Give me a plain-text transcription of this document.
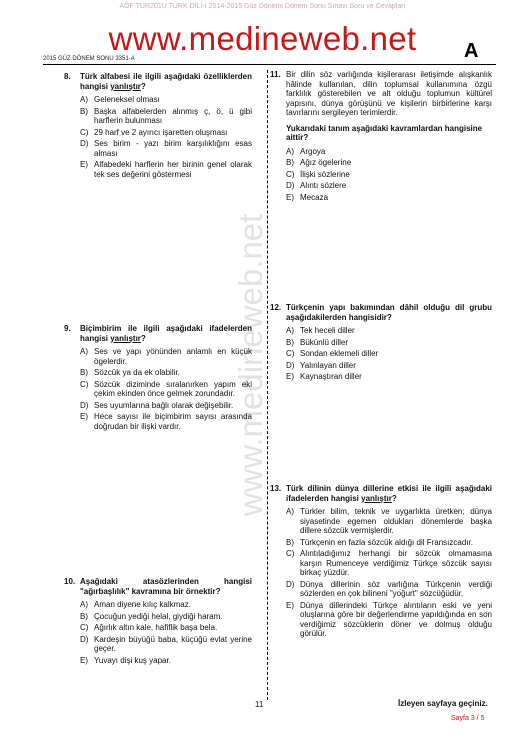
AÖF TUR201U TÜRK DİLİ-I 2014-2015 Güz Dönemi Dönem Sonu Sınavı Soru ve Cevapları
www.medineweb.net	A
2015 GÜZ DÖNEM SONU 3351-A
www.medineweb.net
8. Türk alfabesi ile ilgili aşağıdaki özelliklerden hangisi yanlıştır?
A) Geleneksel olması
B) Başka alfabelerden alınmış ç, ö, ü gibi harflerin bulunması
C) 29 harf ve 2 ayırıcı işaretten oluşması
D) Ses birim - yazı birim karşılıklığını esas alması
E) Alfabedeki harflerin her birinin genel olarak tek ses değerini göstermesi
9. Biçimbirim ile ilgili aşağıdaki ifadelerden hangisi yanlıştır?
A) Ses ve yapı yönünden anlamlı en küçük ögelerdir.
B) Sözcük ya da ek olabilir.
C) Sözcük diziminde sıralanırken yapım eki çekim ekinden önce gelmek zorundadır.
D) Ses uyumlarına bağlı olarak değişebilir.
E) Hece sayısı ile biçimbirim sayısı arasında doğrudan bir ilişki vardır.
10. Aşağıdaki atasözlerinden hangisi "ağırbaşlılık" kavramına bir örnektir?
A) Aman diyene kılıç kalkmaz.
B) Çocuğun yediği helal, giydiği haram.
C) Ağırlık altın kale, hafiflik başa bela.
D) Kardeşin büyüğü baba, küçüğü evlat yerine geçer.
E) Yuvayı dişi kuş yapar.
11. Bir dilin söz varlığında kişilerarası iletişimde alışkanlık hâlinde kullanılan, dilin toplumsal kullanımına özgü farklılık gösterebilen ve alt olduğu toplumun kültürel yapısını, dünya görüşünü ve kişilerin birbirlerine karşı tavırlarını sergileyen terimlerdir.
Yukarıdaki tanım aşağıdaki kavramlardan hangisine aittir?
A) Argoya
B) Ağız ögelerine
C) İlişki sözlerine
D) Alıntı sözlere
E) Mecaza
12. Türkçenin yapı bakımından dâhil olduğu dil grubu aşağıdakilerden hangisidir?
A) Tek heceli diller
B) Bükünlü diller
C) Sondan eklemeli diller
D) Yalınlayan diller
E) Kaynaştıran diller
13. Türk dilinin dünya dillerine etkisi ile ilgili aşağıdaki ifadelerden hangisi yanlıştır?
A) Türkler bilim, teknik ve uygarlıkta üretken; dünya siyasetinde egemen oldukları dönemlerde başka dillere sözcük vermişlerdir.
B) Türkçenin en fazla sözcük aldığı dil Fransızcadır.
C) Alıntıladığımız herhangi bir sözcük olmamasına karşın Rumenceye verdiğimiz Türkçe sözcük sayısı birkaç yüzdür.
D) Dünya dillerinin söz varlığına Türkçenin verdiği sözlerden en çok bilineni "yoğurt" sözcüğüdür.
E) Dünya dillerindeki Türkçe alıntıların eski ve yeni oluşlarına göre bir değerlendirme yapıldığında en son verdiğimiz sözcüklerin döner ve dolmuş olduğu görülür.
11	İzleyen sayfaya geçiniz.
Sayfa 3 / 5
